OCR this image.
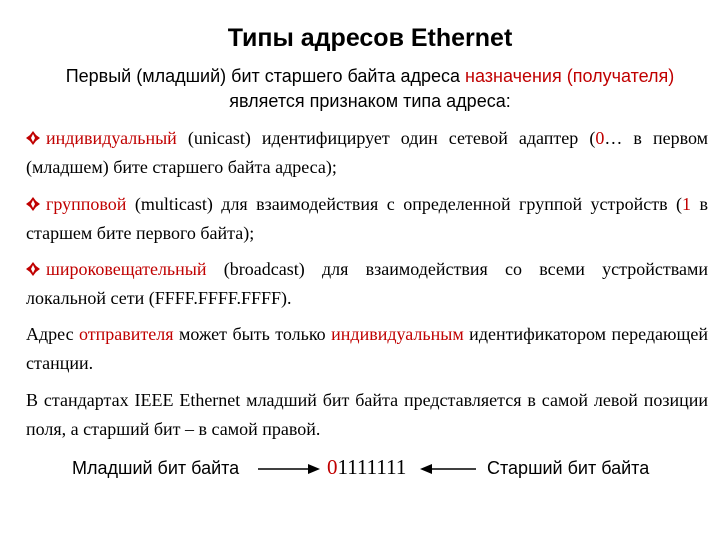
Типы адресов Ethernet
Первый (младший) бит старшего байта адреса назначения (получателя)
является признаком типа адреса:
индивидуальный (unicast) идентифицирует один сетевой адаптер (0… в первом (младшем) бите старшего байта адреса);
групповой (multicast) для взаимодействия с определенной группой устройств (1 в старшем бите первого байта);
широковещательный (broadcast) для взаимодействия со всеми устройствами локальной сети (FFFF.FFFF.FFFF).
Адрес отправителя может быть только индивидуальным идентификатором передающей станции.
В стандартах IEEE Ethernet младший бит байта представляется в самой левой позиции поля, а старший бит – в самой правой.
Младший бит байта	01111111	Старший бит байта
